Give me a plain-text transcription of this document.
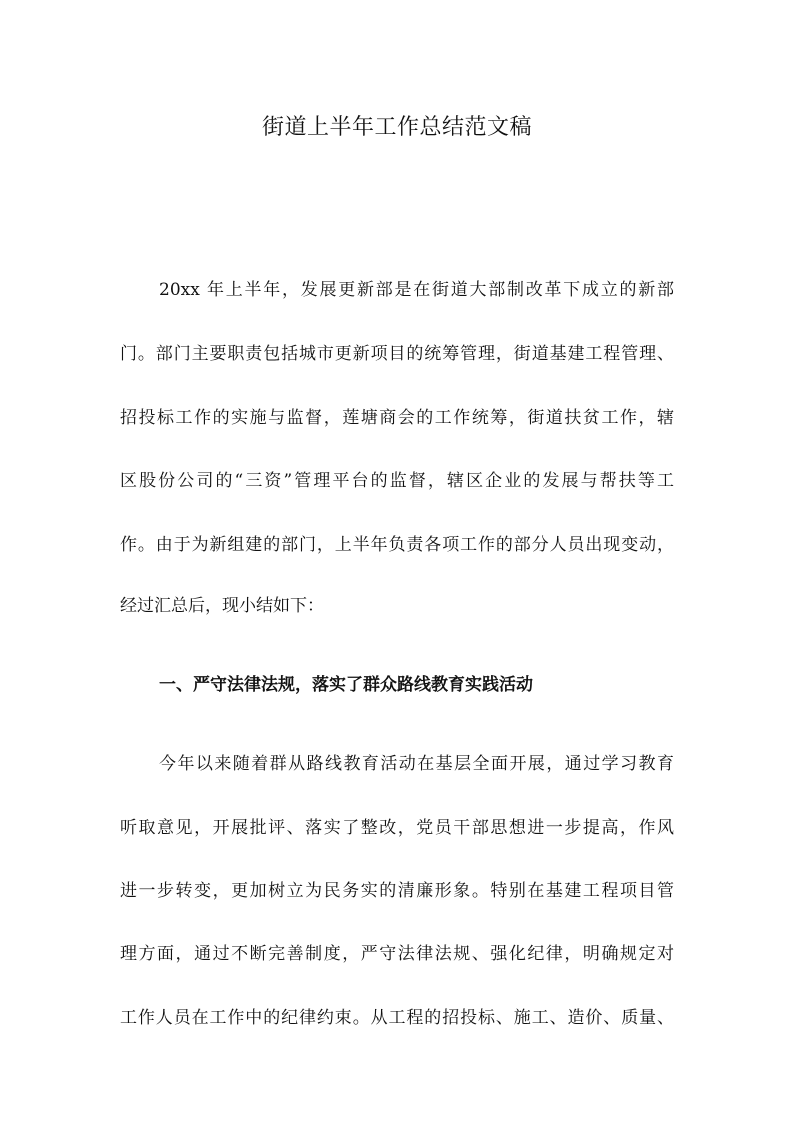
街道上半年工作总结范文稿
20xx 年上半年，发展更新部是在街道大部制改革下成立的新部
门。部门主要职责包括城市更新项目的统筹管理，街道基建工程管理、
招投标工作的实施与监督，莲塘商会的工作统筹，街道扶贫工作，辖
区股份公司的“三资”管理平台的监督，辖区企业的发展与帮扶等工
作。由于为新组建的部门，上半年负责各项工作的部分人员出现变动，
经过汇总后，现小结如下：
一、严守法律法规，落实了群众路线教育实践活动
今年以来随着群从路线教育活动在基层全面开展，通过学习教育
听取意见，开展批评、落实了整改，党员干部思想进一步提高，作风
进一步转变，更加树立为民务实的清廉形象。特别在基建工程项目管
理方面，通过不断完善制度，严守法律法规、强化纪律，明确规定对
工作人员在工作中的纪律约束。从工程的招投标、施工、造价、质量、
